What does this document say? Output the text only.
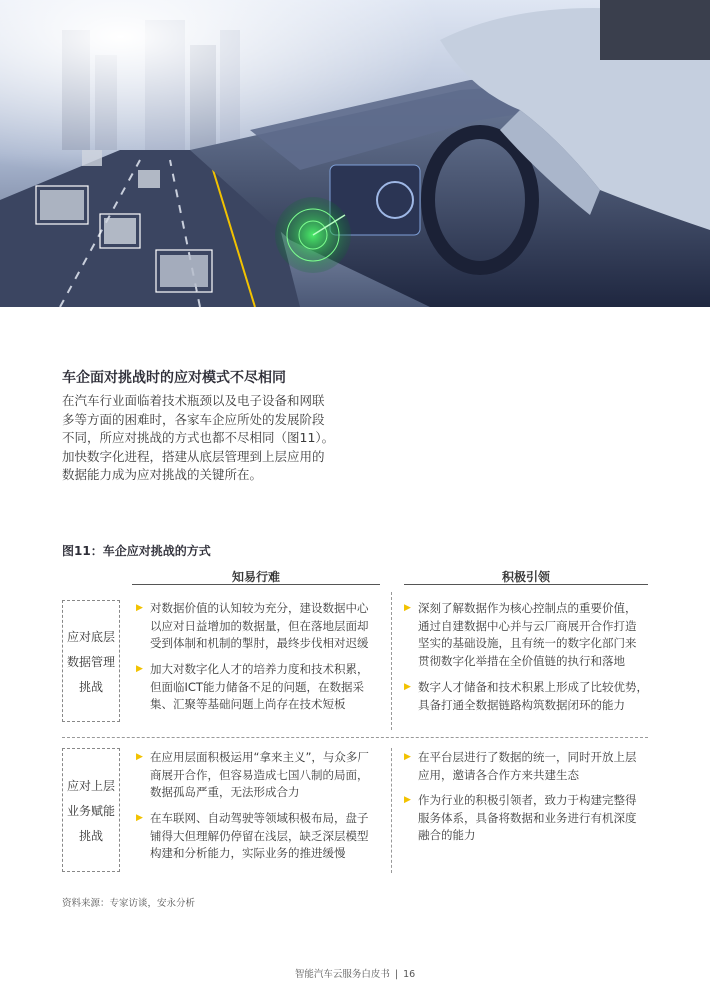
车企面对挑战时的应对模式不尽相同

在汽车行业面临着技术瓶颈以及电子设备和网联

多等方面的困难时，各家车企应所处的发展阶段

不同，所应对挑战的方式也都不尽相同（图11）。

加快数字化进程，搭建从底层管理到上层应用的

数据能力成为应对挑战的关键所在。

图11：车企应对挑战的方式
知易行难	积极引领
应对底层
数据管理
挑战
▶ 对数据价值的认知较为充分，建设数据中心
以应对日益增加的数据量，但在落地层面却
受到体制和机制的掣肘，最终步伐相对迟缓
▶ 加大对数字化人才的培养力度和技术积累，
但面临ICT能力储备不足的问题，在数据采
集、汇聚等基础问题上尚存在技术短板
▶ 深刻了解数据作为核心控制点的重要价值，
通过自建数据中心并与云厂商展开合作打造
坚实的基础设施，且有统一的数字化部门来
贯彻数字化举措在全价值链的执行和落地
▶ 数字人才储备和技术积累上形成了比较优势，
具备打通全数据链路构筑数据闭环的能力
应对上层
业务赋能
挑战
▶ 在应用层面积极运用“拿来主义”，与众多厂
商展开合作，但容易造成七国八制的局面，
数据孤岛严重，无法形成合力
▶ 在车联网、自动驾驶等领域积极布局，盘子
铺得大但理解仍停留在浅层，缺乏深层模型
构建和分析能力，实际业务的推进缓慢
▶ 在平台层进行了数据的统一，同时开放上层
应用，邀请各合作方来共建生态
▶ 作为行业的积极引领者，致力于构建完整得
服务体系，具备将数据和业务进行有机深度
融合的能力
资料来源：专家访谈，安永分析
智能汽车云服务白皮书 | 16
